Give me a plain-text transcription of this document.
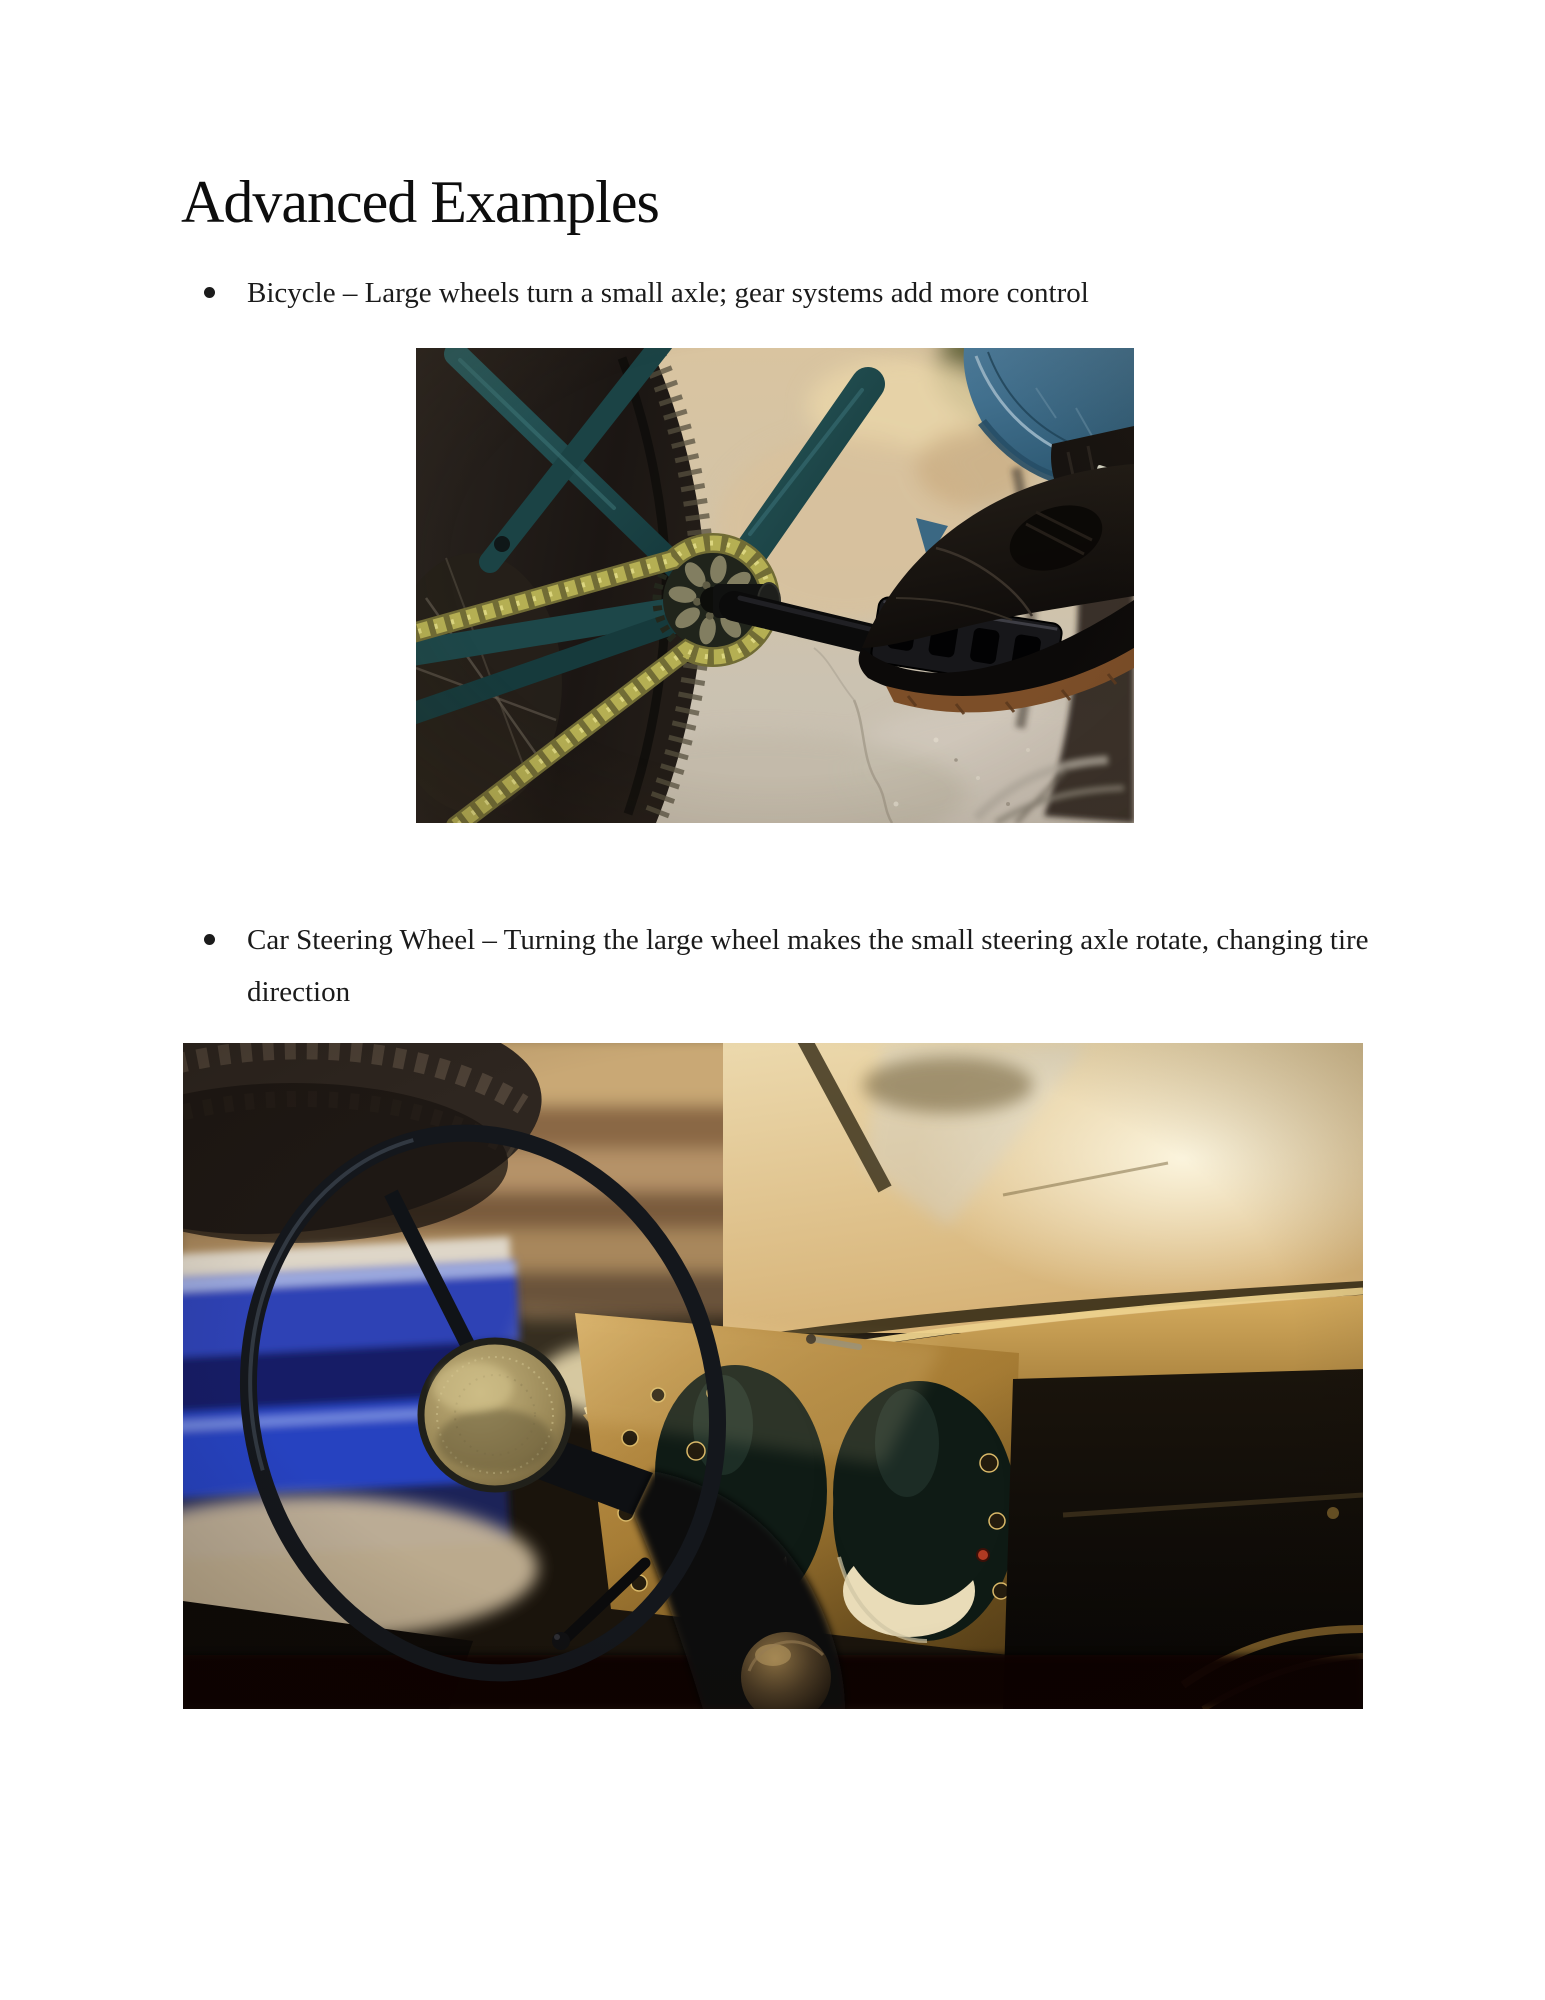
Advanced Examples
Bicycle – Large wheels turn a small axle; gear systems add more control
Car Steering Wheel – Turning the large wheel makes the small steering axle rotate, changing tire direction
